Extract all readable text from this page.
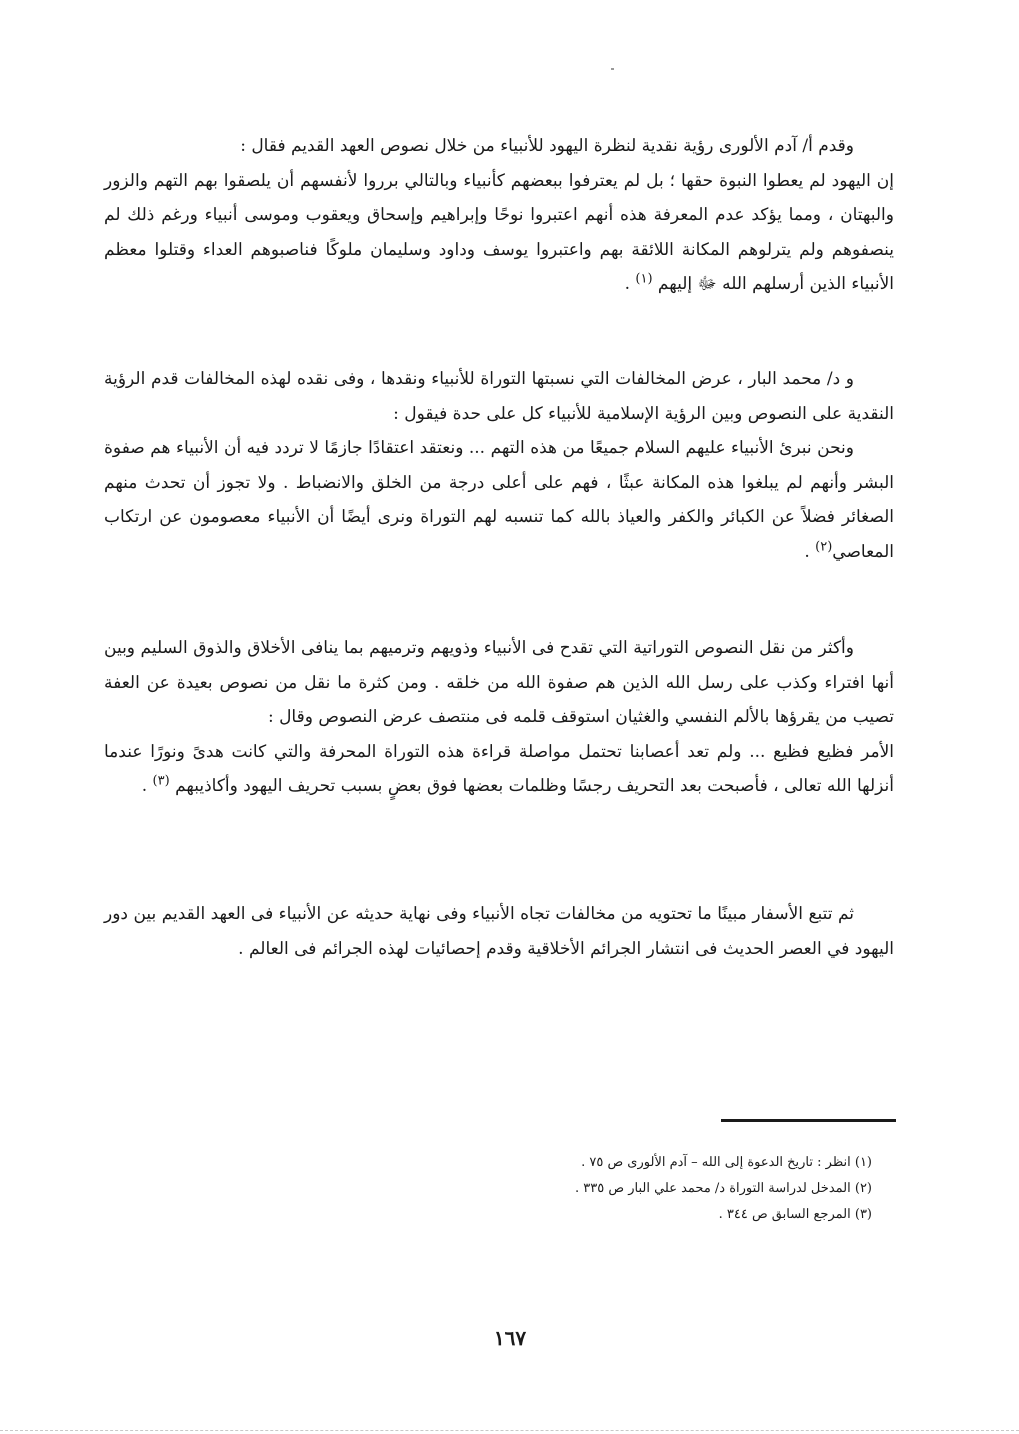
وقدم أ/ آدم الألورى رؤية نقدية لنظرة اليهود للأنبياء من خلال نصوص العهد القديم فقال :

إن اليهود لم يعطوا النبوة حقها ؛ بل لم يعترفوا ببعضهم كأنبياء وبالتالي برروا لأنفسهم أن يلصقوا بهم التهم والزور والبهتان ، ومما يؤكد عدم المعرفة هذه أنهم اعتبروا نوحًا وإبراهيم وإسحاق ويعقوب وموسى أنبياء ورغم ذلك لم ينصفوهم ولم يترلوهم المكانة اللائقة بهم واعتبروا يوسف وداود وسليمان ملوكًا فناصبوهم العداء وقتلوا معظم الأنبياء الذين أرسلهم الله ﷻ إليهم $^{(١)}$ .

و د/ محمد البار ، عرض المخالفات التي نسبتها التوراة للأنبياء ونقدها ، وفى نقده لهذه المخالفات قدم الرؤية النقدية على النصوص وبين الرؤية الإسلامية للأنبياء كل على حدة فيقول :

ونحن نبرئ الأنبياء عليهم السلام جميعًا من هذه التهم ... ونعتقد اعتقادًا جازمًا لا تردد فيه أن الأنبياء هم صفوة البشر وأنهم لم يبلغوا هذه المكانة عبثًا ، فهم على أعلى درجة من الخلق والانضباط . ولا تجوز أن تحدث منهم الصغائر فضلاً عن الكبائر والكفر والعياذ بالله كما تنسبه لهم التوراة ونرى أيضًا أن الأنبياء معصومون عن ارتكاب المعاصي$^{(٢)}$ .

وأكثر من نقل النصوص التوراتية التي تقدح فى الأنبياء وذويهم وترميهم بما ينافى الأخلاق والذوق السليم وبين أنها افتراء وكذب على رسل الله الذين هم صفوة الله من خلقه . ومن كثرة ما نقل من نصوص بعيدة عن العفة تصيب من يقرؤها بالألم النفسي والغثيان استوقف قلمه فى منتصف عرض النصوص وقال :

الأمر فظيع فظيع ... ولم تعد أعصابنا تحتمل مواصلة قراءة هذه التوراة المحرفة والتي كانت هدىً ونورًا عندما أنزلها الله تعالى ، فأصبحت بعد التحريف رجسًا وظلمات بعضها فوق بعضٍ بسبب تحريف اليهود وأكاذيبهم $^{(٣)}$ .

ثم تتبع الأسفار مبينًا ما تحتويه من مخالفات تجاه الأنبياء وفى نهاية حديثه عن الأنبياء فى العهد القديم بين دور اليهود في العصر الحديث فى انتشار الجرائم الأخلاقية وقدم إحصائيات لهذه الجرائم فى العالم .

(١) انظر : تاريخ الدعوة إلى الله – آدم الألورى ص ٧٥ .
(٢) المدخل لدراسة التوراة د/ محمد علي البار ص ٣٣٥ .
(٣) المرجع السابق ص ٣٤٤ .
١٦٧
